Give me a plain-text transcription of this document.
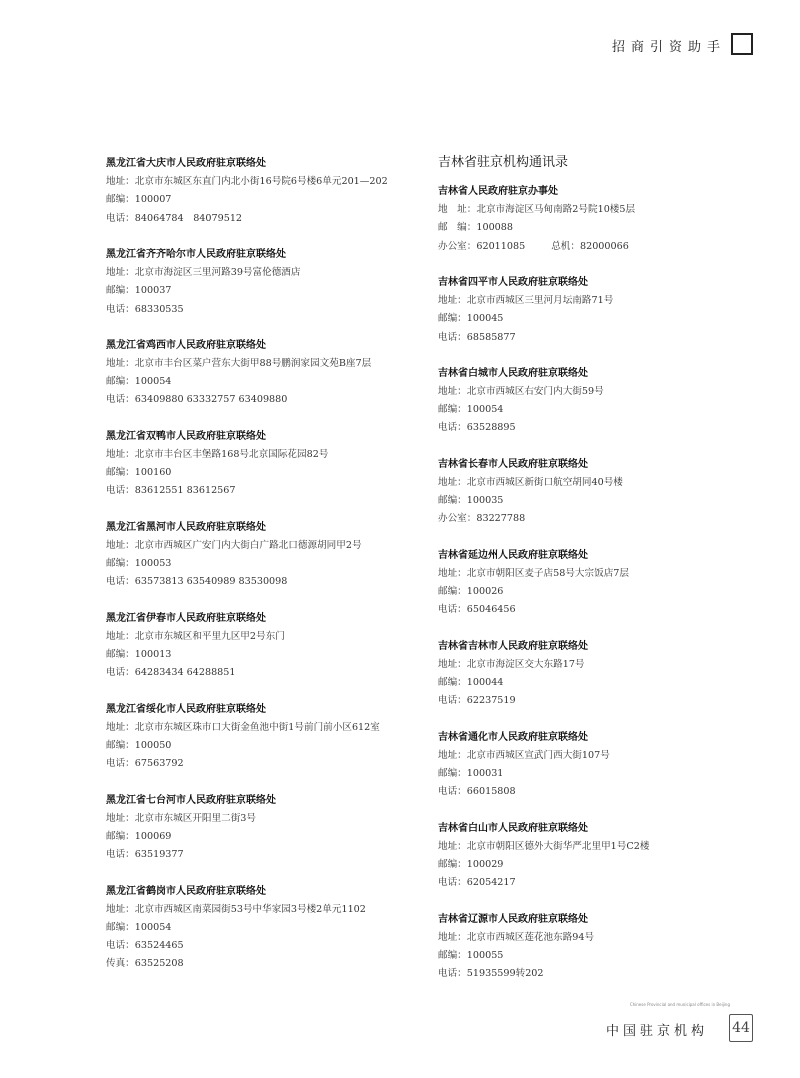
招商引资助手
黑龙江省大庆市人民政府驻京联络处
地址：北京市东城区东直门内北小街16号院6号楼6单元201—202
邮编：100007
电话：84064784　84079512
黑龙江省齐齐哈尔市人民政府驻京联络处
地址：北京市海淀区三里河路39号富伦德酒店
邮编：100037
电话：68330535
黑龙江省鸡西市人民政府驻京联络处
地址：北京市丰台区菜户营东大街甲88号鹏润家园文苑B座7层
邮编：100054
电话：63409880 63332757 63409880
黑龙江省双鸭市人民政府驻京联络处
地址：北京市丰台区丰堡路168号北京国际花园82号
邮编：100160
电话：83612551 83612567
黑龙江省黑河市人民政府驻京联络处
地址：北京市西城区广安门内大街白广路北口德源胡同甲2号
邮编：100053
电话：63573813 63540989 83530098
黑龙江省伊春市人民政府驻京联络处
地址：北京市东城区和平里九区甲2号东门
邮编：100013
电话：64283434 64288851
黑龙江省绥化市人民政府驻京联络处
地址：北京市东城区珠市口大街金鱼池中街1号前门前小区612室
邮编：100050
电话：67563792
黑龙江省七台河市人民政府驻京联络处
地址：北京市东城区开阳里二街3号
邮编：100069
电话：63519377
黑龙江省鹤岗市人民政府驻京联络处
地址：北京市西城区南菜园街53号中华家园3号楼2单元1102
邮编：100054
电话：63524465
传真：63525208
吉林省驻京机构通讯录
吉林省人民政府驻京办事处
地　址：北京市海淀区马甸南路2号院10楼5层
邮　编：100088
办公室：62011085	总机：82000066
吉林省四平市人民政府驻京联络处
地址：北京市西城区三里河月坛南路71号
邮编：100045
电话：68585877
吉林省白城市人民政府驻京联络处
地址：北京市西城区右安门内大街59号
邮编：100054
电话：63528895
吉林省长春市人民政府驻京联络处
地址：北京市西城区新街口航空胡同40号楼
邮编：100035
办公室：83227788
吉林省延边州人民政府驻京联络处
地址：北京市朝阳区麦子店58号大宗饭店7层
邮编：100026
电话：65046456
吉林省吉林市人民政府驻京联络处
地址：北京市海淀区交大东路17号
邮编：100044
电话：62237519
吉林省通化市人民政府驻京联络处
地址：北京市西城区宣武门西大街107号
邮编：100031
电话：66015808
吉林省白山市人民政府驻京联络处
地址：北京市朝阳区德外大街华严北里甲1号C2楼
邮编：100029
电话：62054217
吉林省辽源市人民政府驻京联络处
地址：北京市西城区莲花池东路94号
邮编：100055
电话：51935599转202
Chinese Provincial and municipal offices in Beijing
中国驻京机构 44
